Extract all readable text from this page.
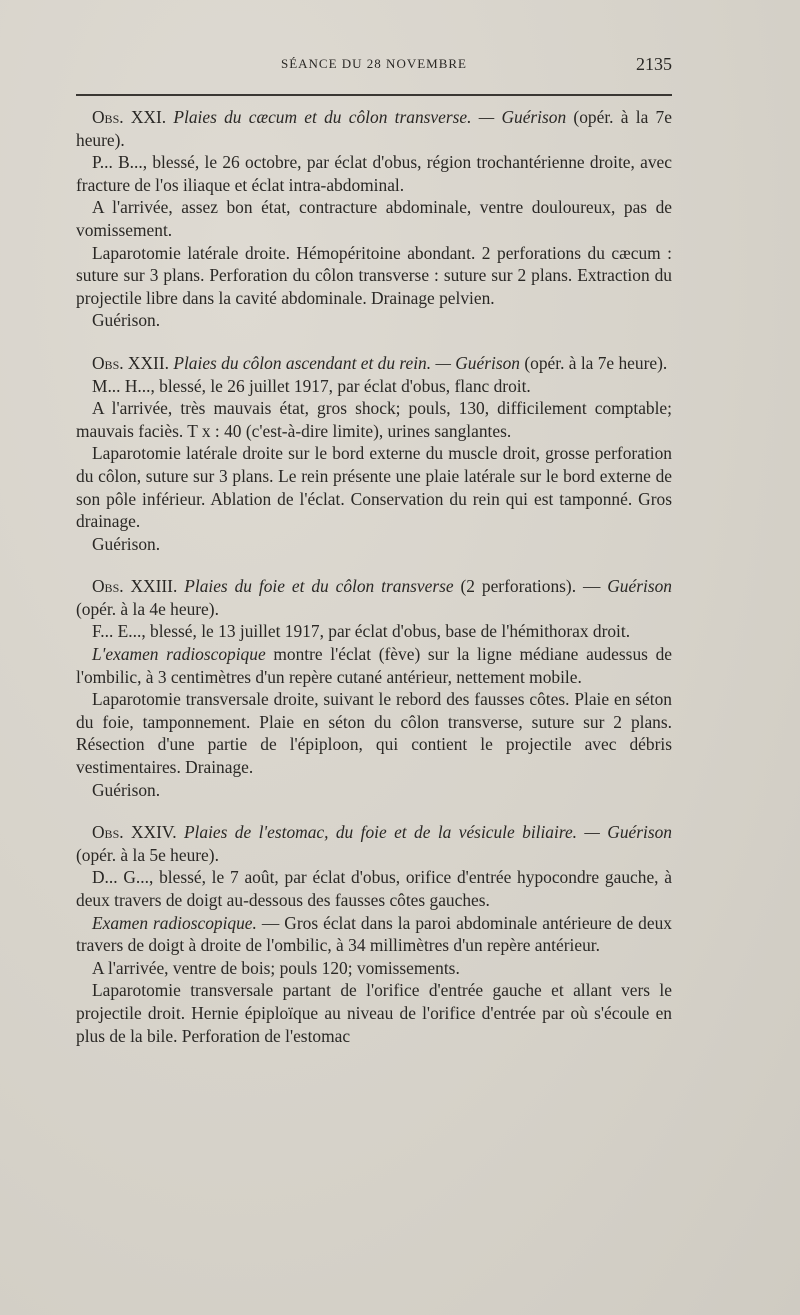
SÉANCE DU 28 NOVEMBRE	2135

Obs. XXI. Plaies du cæcum et du côlon transverse. — Guérison (opér. à la 7e heure).

P... B..., blessé, le 26 octobre, par éclat d'obus, région trochantérienne droite, avec fracture de l'os iliaque et éclat intra-abdominal.

A l'arrivée, assez bon état, contracture abdominale, ventre douloureux, pas de vomissement.

Laparotomie latérale droite. Hémopéritoine abondant. 2 perforations du cæcum : suture sur 3 plans. Perforation du côlon transverse : suture sur 2 plans. Extraction du projectile libre dans la cavité abdominale. Drainage pelvien.

Guérison.

Obs. XXII. Plaies du côlon ascendant et du rein. — Guérison (opér. à la 7e heure).

M... H..., blessé, le 26 juillet 1917, par éclat d'obus, flanc droit.

A l'arrivée, très mauvais état, gros shock; pouls, 130, difficilement comptable; mauvais faciès. T x : 40 (c'est-à-dire limite), urines sanglantes.

Laparotomie latérale droite sur le bord externe du muscle droit, grosse perforation du côlon, suture sur 3 plans. Le rein présente une plaie latérale sur le bord externe de son pôle inférieur. Ablation de l'éclat. Conservation du rein qui est tamponné. Gros drainage.

Guérison.

Obs. XXIII. Plaies du foie et du côlon transverse (2 perforations). — Guérison (opér. à la 4e heure).

F... E..., blessé, le 13 juillet 1917, par éclat d'obus, base de l'hémithorax droit.

L'examen radioscopique montre l'éclat (fève) sur la ligne médiane audessus de l'ombilic, à 3 centimètres d'un repère cutané antérieur, nettement mobile.

Laparotomie transversale droite, suivant le rebord des fausses côtes. Plaie en séton du foie, tamponnement. Plaie en séton du côlon transverse, suture sur 2 plans. Résection d'une partie de l'épiploon, qui contient le projectile avec débris vestimentaires. Drainage.

Guérison.

Obs. XXIV. Plaies de l'estomac, du foie et de la vésicule biliaire. — Guérison (opér. à la 5e heure).

D... G..., blessé, le 7 août, par éclat d'obus, orifice d'entrée hypocondre gauche, à deux travers de doigt au-dessous des fausses côtes gauches.

Examen radioscopique. — Gros éclat dans la paroi abdominale antérieure de deux travers de doigt à droite de l'ombilic, à 34 millimètres d'un repère antérieur.

A l'arrivée, ventre de bois; pouls 120; vomissements.

Laparotomie transversale partant de l'orifice d'entrée gauche et allant vers le projectile droit. Hernie épiploïque au niveau de l'orifice d'entrée par où s'écoule en plus de la bile. Perforation de l'estomac
